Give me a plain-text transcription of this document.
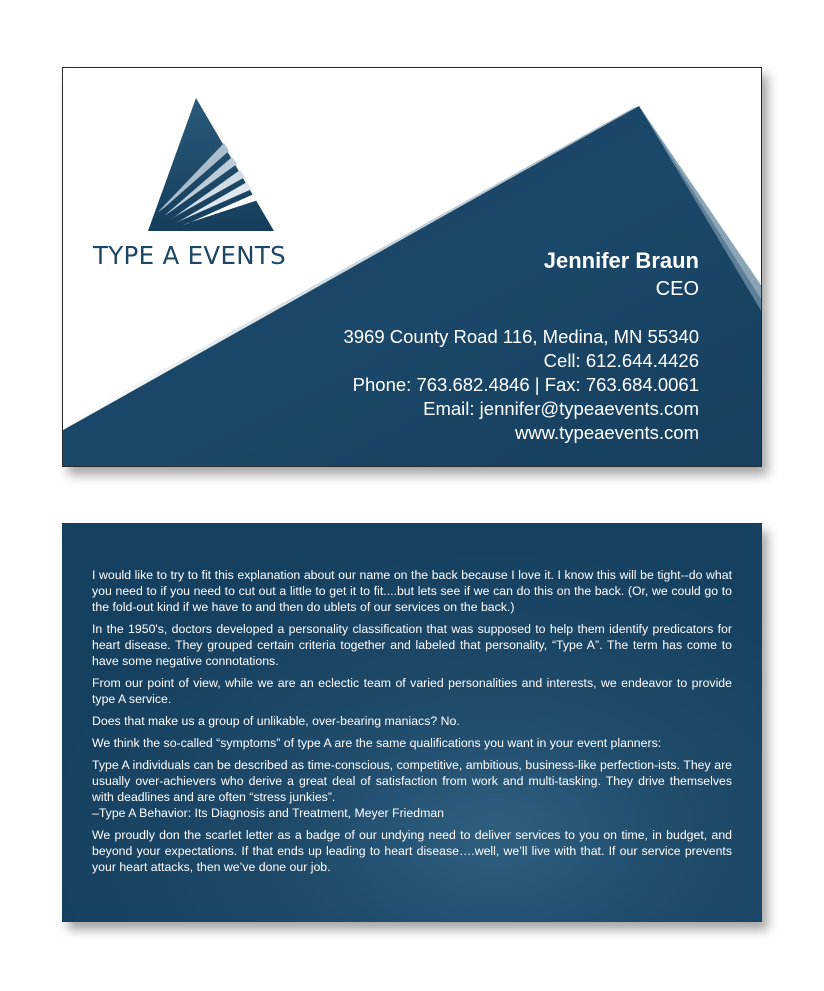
TYPE A EVENTS	Jennifer Braun
CEO
3969 County Road 116, Medina, MN 55340
Cell: 612.644.4426
Phone: 763.682.4846 | Fax: 763.684.0061
Email: jennifer@typeaevents.com
www.typeaevents.com

I would like to try to fit this explanation about our name on the back because I love it. I know this will be tight--do what you need to if you need to cut out a little to get it to fit....but lets see if we can do this on the back. (Or, we could go to the fold-out kind if we have to and then do ublets of our services on the back.)

In the 1950's, doctors developed a personality classification that was supposed to help them identify predicators for heart disease. They grouped certain criteria together and labeled that personality, “Type A”. The term has come to have some negative connotations.

From our point of view, while we are an eclectic team of varied personalities and interests, we endeavor to provide type A service.

Does that make us a group of unlikable, over-bearing maniacs? No.

We think the so-called “symptoms” of type A are the same qualifications you want in your event planners:

Type A individuals can be described as time-conscious, competitive, ambitious, business-like perfection-ists. They are usually over-achievers who derive a great deal of satisfaction from work and multi-tasking. They drive themselves with deadlines and are often “stress junkies”.

–Type A Behavior: Its Diagnosis and Treatment, Meyer Friedman

We proudly don the scarlet letter as a badge of our undying need to deliver services to you on time, in budget, and beyond your expectations. If that ends up leading to heart disease….well, we’ll live with that. If our service prevents your heart attacks, then we’ve done our job.
